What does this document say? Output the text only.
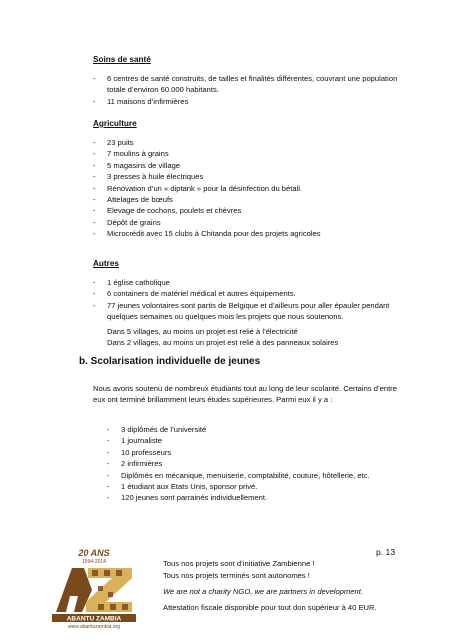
Soins de santé
- 6 centres de santé construits, de tailles et finalités différentes, couvrant une population totale d’environ 60.000 habitants.
- 11 maisons d’infirmières
Agriculture
- 23 puits
- 7 moulins à grains
- 5 magasins de village
- 3 presses à huile électriques
- Rénovation d’un « diptank » pour la désinfection du bétail.
- Attelages de bœufs
- Elevage de cochons, poulets et chèvres
- Dépôt de grains
- Microcrédit avec 15 clubs à Chitanda pour des projets agricoles
Autres
- 1 église catholique
- 6 containers de matériel médical et autres équipements.
- 77 jeunes volontaires sont partis de Belgique et d’ailleurs pour aller épauler pendant quelques semaines ou quelques mois les projets que nous soutenons.
Dans 5 villages, au moins un projet est relié à l’électricité
Dans 2 villages, au moins un projet est relié à des panneaux solaires
b. Scolarisation individuelle de jeunes
Nous avons soutenu de nombreux étudiants tout au long de leur scolarité. Certains d’entre eux ont terminé brillamment leurs études supérieures. Parmi eux il y a :
- 3 diplômés de l’université
- 1 journaliste
- 10 professeurs
- 2 infirmières
- Diplômés en mécanique, menuiserie, comptabilité, couture, hôtellerie, etc.
- 1 étudiant aux Etats Unis, sponsor privé.
- 120 jeunes sont parrainés individuellement.
p. 13
20 ANS
1994-2014
ABANTU ZAMBIA
www.abantuzambia.org
Tous nos projets sont d’initiative Zambienne !
Tous nos projets terminés sont autonomes !
We are not a charity NGO, we are partners in development.
Attestation fiscale disponible pour tout don supérieur à 40 EUR.
